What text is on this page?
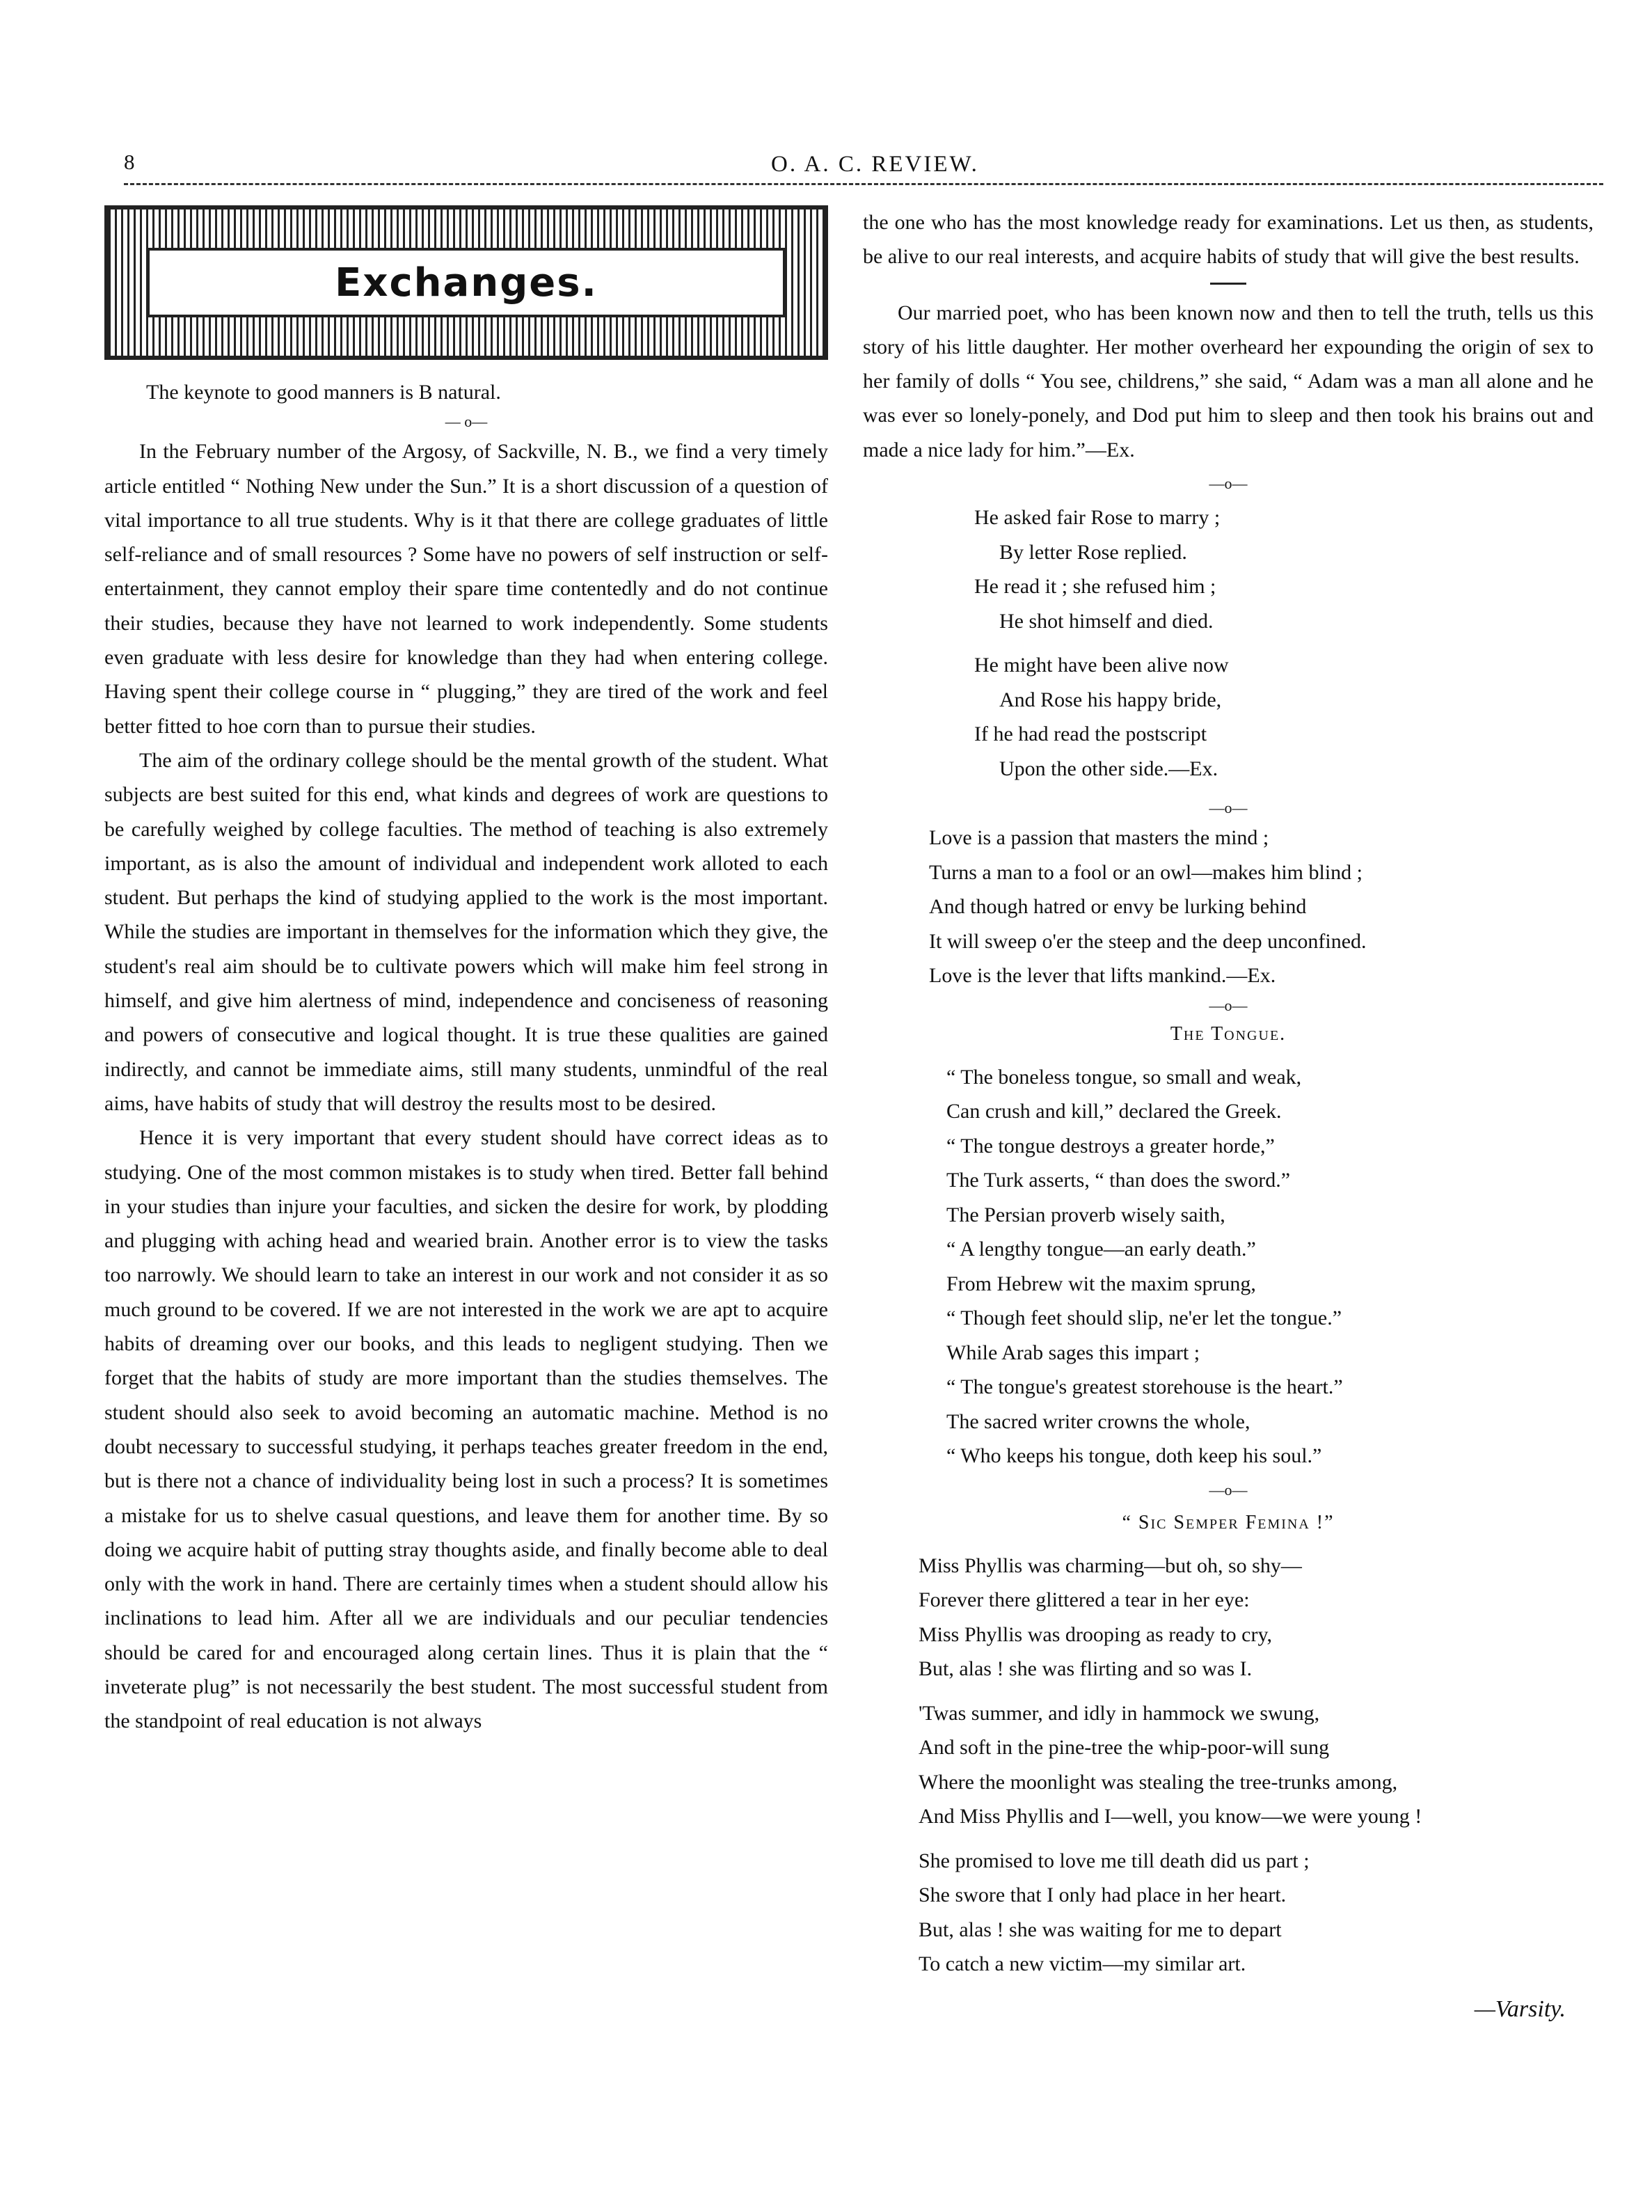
8	O. A. C. REVIEW.
Exchanges.

The keynote to good manners is B natural.

— o—

In the February number of the Argosy, of Sackville, N. B., we find a very timely article entitled “ Nothing New under the Sun.” It is a short discussion of a question of vital importance to all true students. Why is it that there are college graduates of little self-reliance and of small resources ? Some have no powers of self instruction or self-entertainment, they cannot employ their spare time contentedly and do not continue their studies, because they have not learned to work independently. Some students even graduate with less desire for knowledge than they had when entering college. Having spent their college course in “ plugging,” they are tired of the work and feel better fitted to hoe corn than to pursue their studies.

The aim of the ordinary college should be the mental growth of the student. What subjects are best suited for this end, what kinds and degrees of work are questions to be carefully weighed by college faculties. The method of teaching is also extremely important, as is also the amount of individual and independent work alloted to each student. But perhaps the kind of studying applied to the work is the most important. While the studies are important in themselves for the information which they give, the student's real aim should be to cultivate powers which will make him feel strong in himself, and give him alertness of mind, independence and conciseness of reasoning and powers of consecutive and logical thought. It is true these qualities are gained indirectly, and cannot be immediate aims, still many students, unmindful of the real aims, have habits of study that will destroy the results most to be desired.

Hence it is very important that every student should have correct ideas as to studying. One of the most common mistakes is to study when tired. Better fall behind in your studies than injure your faculties, and sicken the desire for work, by plodding and plugging with aching head and wearied brain. Another error is to view the tasks too narrowly. We should learn to take an interest in our work and not consider it as so much ground to be covered. If we are not interested in the work we are apt to acquire habits of dreaming over our books, and this leads to negligent studying. Then we forget that the habits of study are more important than the studies themselves. The student should also seek to avoid becoming an automatic machine. Method is no doubt necessary to successful studying, it perhaps teaches greater freedom in the end, but is there not a chance of individuality being lost in such a process? It is sometimes a mistake for us to shelve casual questions, and leave them for another time. By so doing we acquire habit of putting stray thoughts aside, and finally become able to deal only with the work in hand. There are certainly times when a student should allow his inclinations to lead him. After all we are individuals and our peculiar tendencies should be cared for and encouraged along certain lines. Thus it is plain that the “ inveterate plug” is not necessarily the best student. The most successful student from the standpoint of real education is not always

the one who has the most knowledge ready for examinations. Let us then, as students, be alive to our real interests, and acquire habits of study that will give the best results.

Our married poet, who has been known now and then to tell the truth, tells us this story of his little daughter. Her mother overheard her expounding the origin of sex to her family of dolls “ You see, childrens,” she said, “ Adam was a man all alone and he was ever so lonely-ponely, and Dod put him to sleep and then took his brains out and made a nice lady for him.”—Ex.

—o—

He asked fair Rose to marry ;
By letter Rose replied.
He read it ; she refused him ;
He shot himself and died.
He might have been alive now
And Rose his happy bride,
If he had read the postscript
Upon the other side.—Ex.

—o—

Love is a passion that masters the mind ;
Turns a man to a fool or an owl—makes him blind ;
And though hatred or envy be lurking behind
It will sweep o'er the steep and the deep unconfined.
Love is the lever that lifts mankind.—Ex.

—o—

The Tongue.

“ The boneless tongue, so small and weak,
Can crush and kill,” declared the Greek.
“ The tongue destroys a greater horde,”
The Turk asserts, “ than does the sword.”
The Persian proverb wisely saith,
“ A lengthy tongue—an early death.”
From Hebrew wit the maxim sprung,
“ Though feet should slip, ne'er let the tongue.”
While Arab sages this impart ;
“ The tongue's greatest storehouse is the heart.”
The sacred writer crowns the whole,
“ Who keeps his tongue, doth keep his soul.”

—o—

“ Sic Semper Femina !”

Miss Phyllis was charming—but oh, so shy—
Forever there glittered a tear in her eye:
Miss Phyllis was drooping as ready to cry,
But, alas ! she was flirting and so was I.
'Twas summer, and idly in hammock we swung,
And soft in the pine-tree the whip-poor-will sung
Where the moonlight was stealing the tree-trunks among,
And Miss Phyllis and I—well, you know—we were young !
She promised to love me till death did us part ;
She swore that I only had place in her heart.
But, alas ! she was waiting for me to depart
To catch a new victim—my similar art.

—Varsity.
